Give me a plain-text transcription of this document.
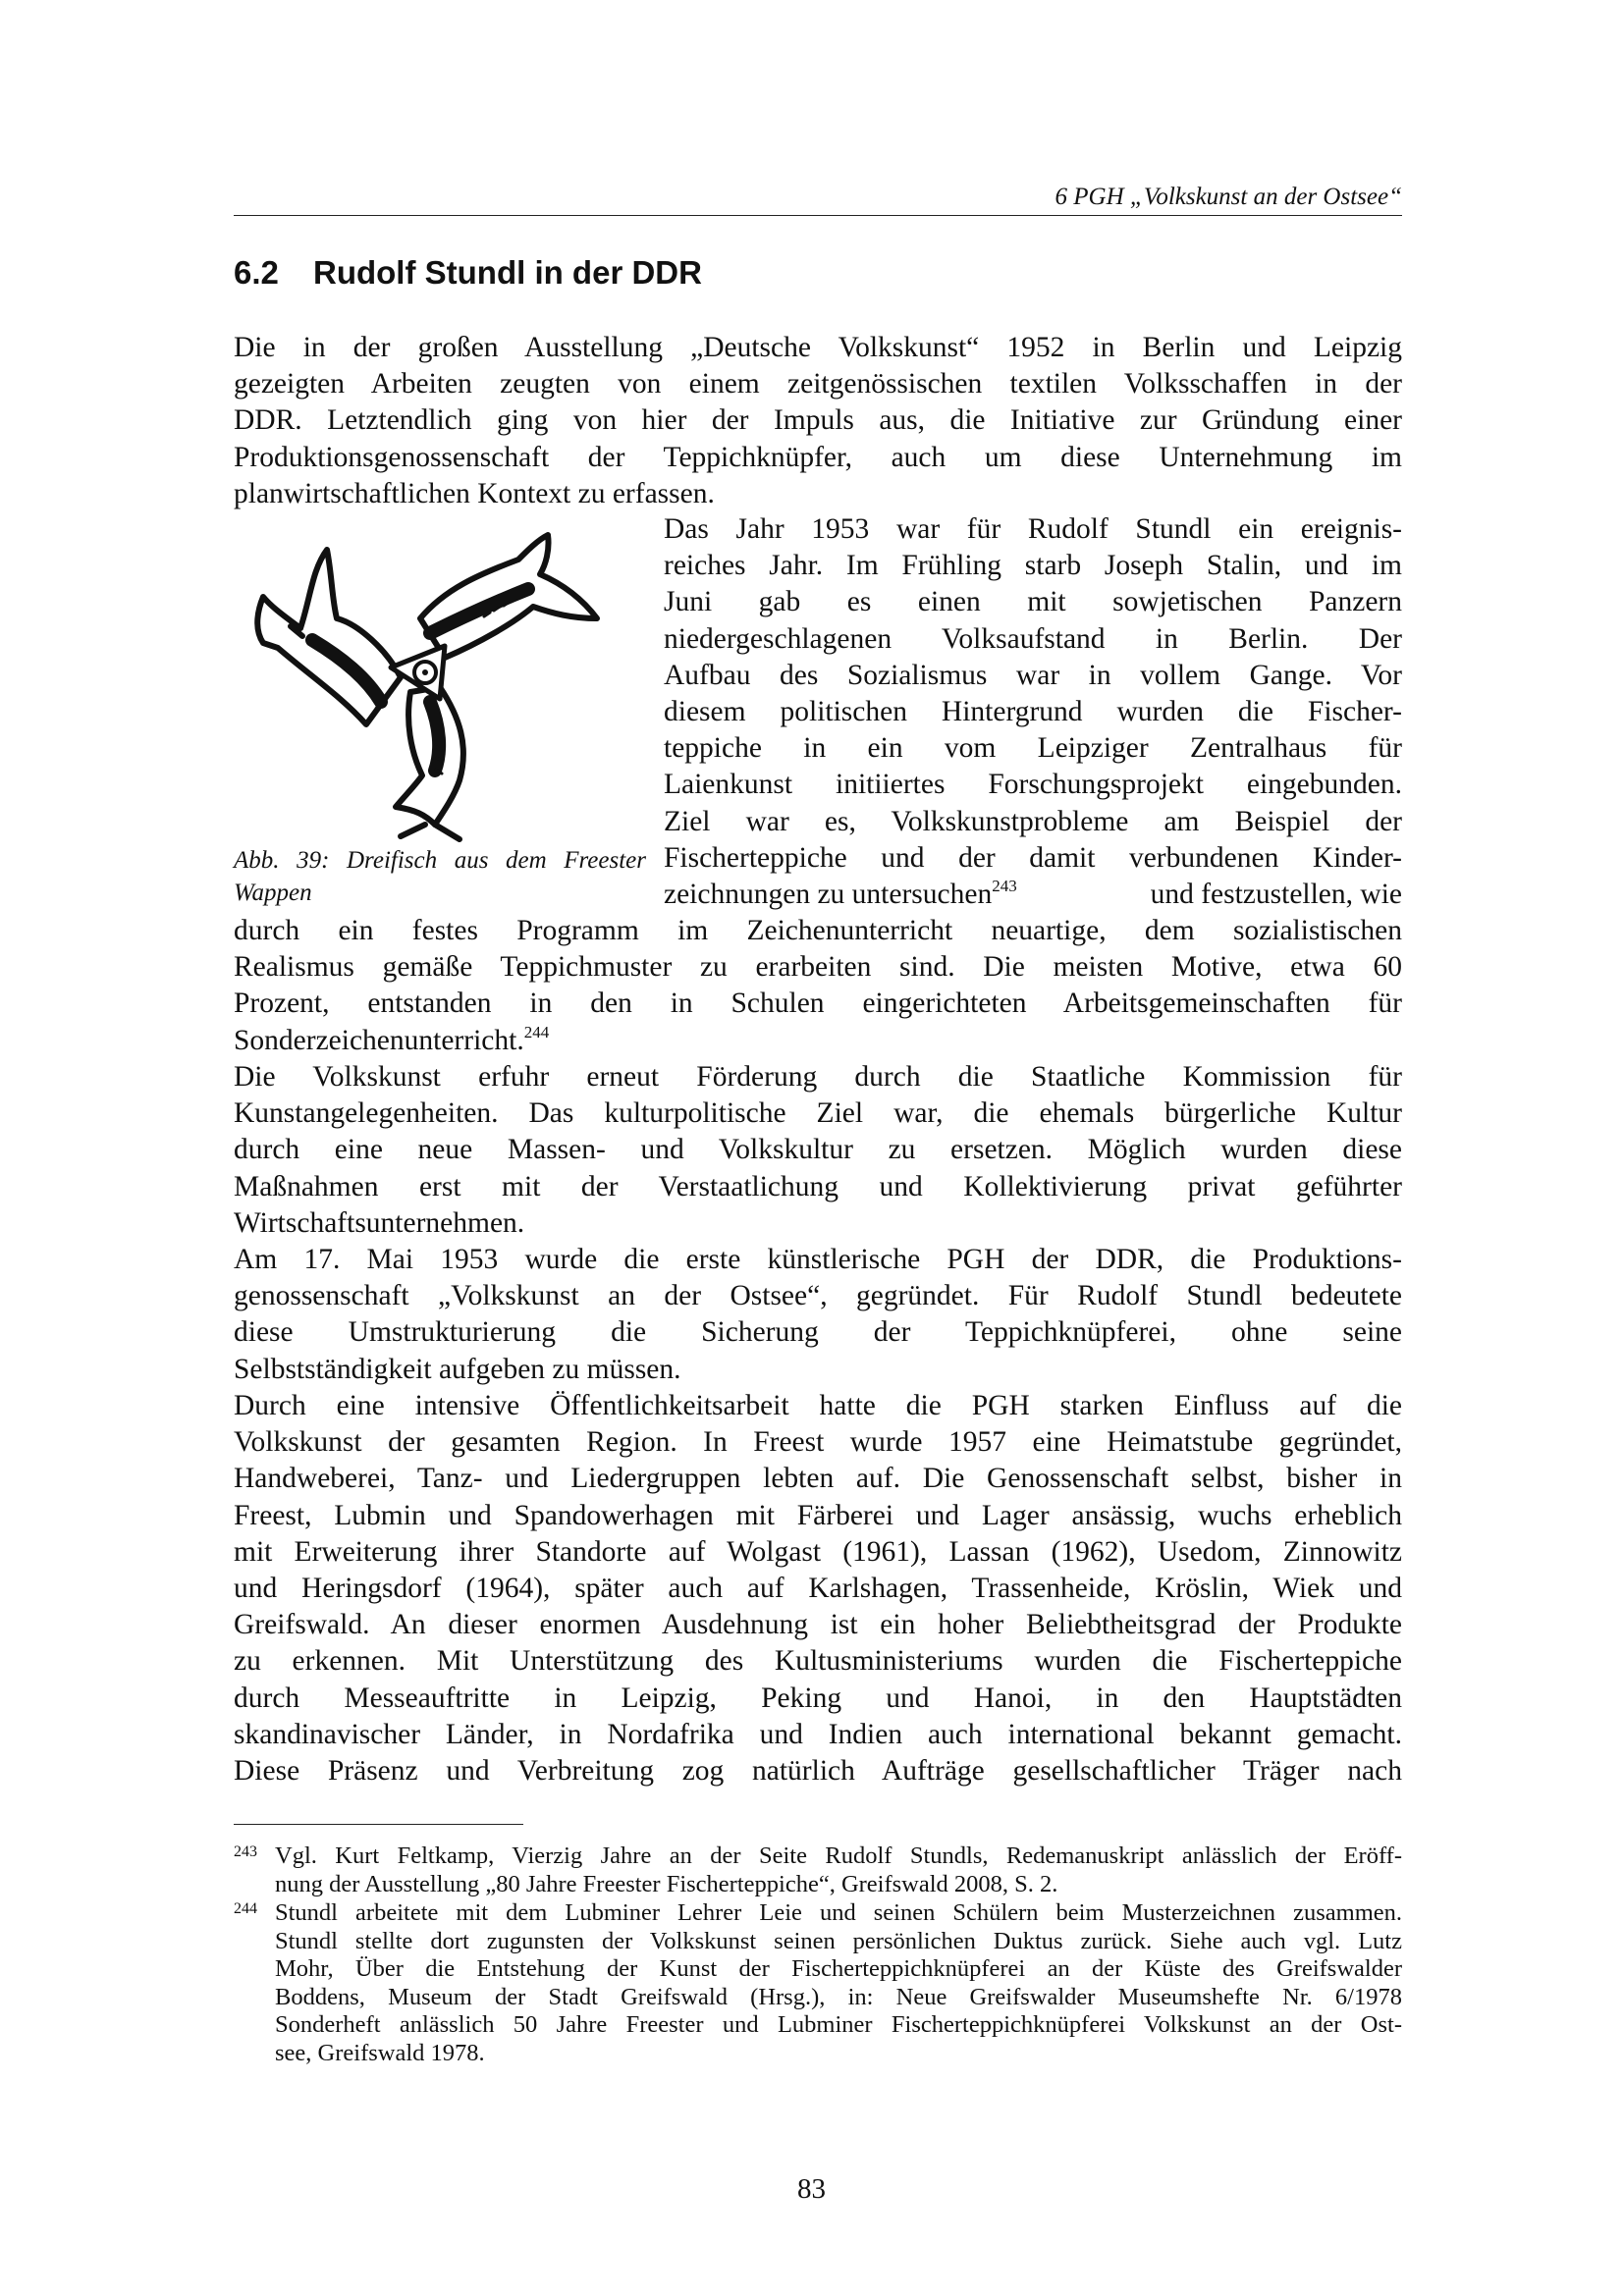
6 PGH „Volkskunst an der Ostsee“
6.2 Rudolf Stundl in der DDR
Die in der großen Ausstellung „Deutsche Volkskunst“ 1952 in Berlin und Leipzig
gezeigten Arbeiten zeugten von einem zeitgenössischen textilen Volksschaffen in der
DDR. Letztendlich ging von hier der Impuls aus, die Initiative zur Gründung einer
Produktionsgenossenschaft der Teppichknüpfer, auch um diese Unternehmung im
planwirtschaftlichen Kontext zu erfassen.
Abb. 39: Dreifisch aus dem Freester
Wappen
Das Jahr 1953 war für Rudolf Stundl ein ereignis-
reiches Jahr. Im Frühling starb Joseph Stalin, und im
Juni gab es einen mit sowjetischen Panzern
niedergeschlagenen Volksaufstand in Berlin. Der
Aufbau des Sozialismus war in vollem Gange. Vor
diesem politischen Hintergrund wurden die Fischer-
teppiche in ein vom Leipziger Zentralhaus für
Laienkunst initiiertes Forschungsprojekt eingebunden.
Ziel war es, Volkskunstprobleme am Beispiel der
Fischerteppiche und der damit verbundenen Kinder-
zeichnungen zu untersuchen$^{243}$	und festzustellen, wie
durch ein festes Programm im Zeichenunterricht neuartige, dem sozialistischen
Realismus gemäße Teppichmuster zu erarbeiten sind. Die meisten Motive, etwa 60
Prozent, entstanden in den in Schulen eingerichteten Arbeitsgemeinschaften für
Sonderzeichenunterricht.$^{244}$
Die Volkskunst erfuhr erneut Förderung durch die Staatliche Kommission für
Kunstangelegenheiten. Das kulturpolitische Ziel war, die ehemals bürgerliche Kultur
durch eine neue Massen- und Volkskultur zu ersetzen. Möglich wurden diese
Maßnahmen erst mit der Verstaatlichung und Kollektivierung privat geführter
Wirtschaftsunternehmen.
Am 17. Mai 1953 wurde die erste künstlerische PGH der DDR, die Produktions-
genossenschaft „Volkskunst an der Ostsee“, gegründet. Für Rudolf Stundl bedeutete
diese Umstrukturierung die Sicherung der Teppichknüpferei, ohne seine
Selbstständigkeit aufgeben zu müssen.
Durch eine intensive Öffentlichkeitsarbeit hatte die PGH starken Einfluss auf die
Volkskunst der gesamten Region. In Freest wurde 1957 eine Heimatstube gegründet,
Handweberei, Tanz- und Liedergruppen lebten auf. Die Genossenschaft selbst, bisher in
Freest, Lubmin und Spandowerhagen mit Färberei und Lager ansässig, wuchs erheblich
mit Erweiterung ihrer Standorte auf Wolgast (1961), Lassan (1962), Usedom, Zinnowitz
und Heringsdorf (1964), später auch auf Karlshagen, Trassenheide, Kröslin, Wiek und
Greifswald. An dieser enormen Ausdehnung ist ein hoher Beliebtheitsgrad der Produkte
zu erkennen. Mit Unterstützung des Kultusministeriums wurden die Fischerteppiche
durch Messeauftritte in Leipzig, Peking und Hanoi, in den Hauptstädten
skandinavischer Länder, in Nordafrika und Indien auch international bekannt gemacht.
Diese Präsenz und Verbreitung zog natürlich Aufträge gesellschaftlicher Träger nach
243 Vgl. Kurt Feltkamp, Vierzig Jahre an der Seite Rudolf Stundls, Redemanuskript anlässlich der Eröff-
nung der Ausstellung „80 Jahre Freester Fischerteppiche“, Greifswald 2008, S. 2.
244 Stundl arbeitete mit dem Lubminer Lehrer Leie und seinen Schülern beim Musterzeichnen zusammen.
Stundl stellte dort zugunsten der Volkskunst seinen persönlichen Duktus zurück. Siehe auch vgl. Lutz
Mohr, Über die Entstehung der Kunst der Fischerteppichknüpferei an der Küste des Greifswalder
Boddens, Museum der Stadt Greifswald (Hrsg.), in: Neue Greifswalder Museumshefte Nr. 6/1978
Sonderheft anlässlich 50 Jahre Freester und Lubminer Fischerteppichknüpferei Volkskunst an der Ost-
see, Greifswald 1978.
83
